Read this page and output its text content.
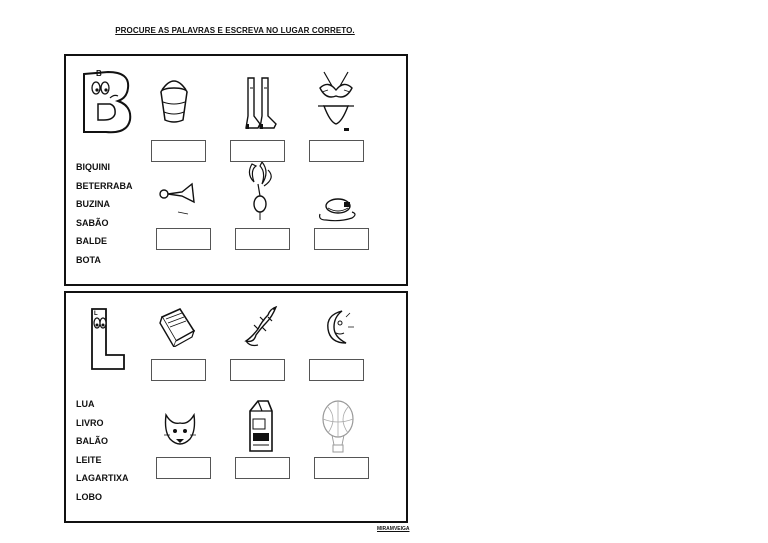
PROCURE AS PALAVRAS E ESCREVA NO LUGAR CORRETO.
B
BIQUINI
BETERRABA
BUZINA
SABÃO
BALDE
BOTA
L
LUA
LIVRO
BALÃO
LEITE
LAGARTIXA
LOBO
MIRAMVEIGA
